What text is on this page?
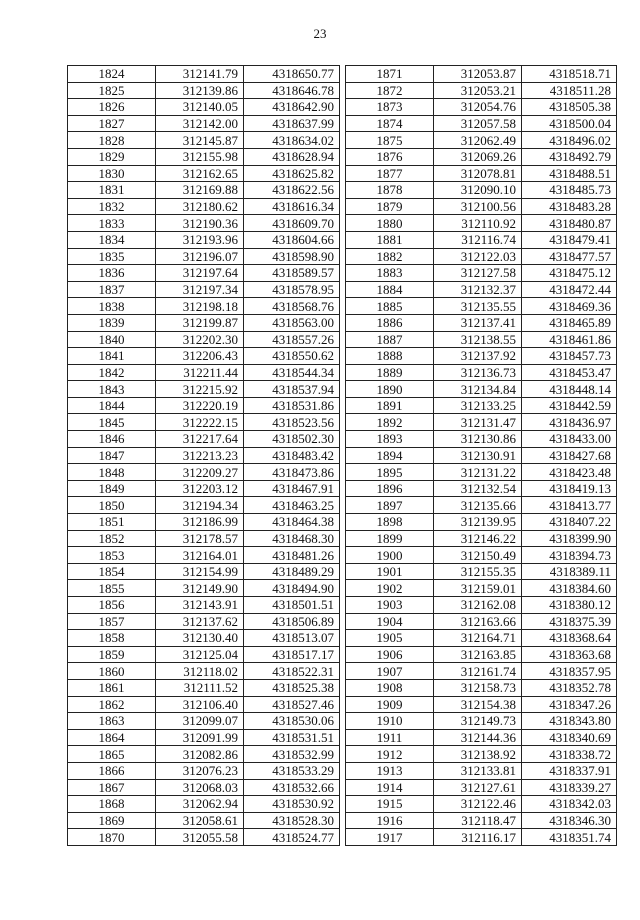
23
1824	312141.79	4318650.77
1825	312139.86	4318646.78
1826	312140.05	4318642.90
1827	312142.00	4318637.99
1828	312145.87	4318634.02
1829	312155.98	4318628.94
1830	312162.65	4318625.82
1831	312169.88	4318622.56
1832	312180.62	4318616.34
1833	312190.36	4318609.70
1834	312193.96	4318604.66
1835	312196.07	4318598.90
1836	312197.64	4318589.57
1837	312197.34	4318578.95
1838	312198.18	4318568.76
1839	312199.87	4318563.00
1840	312202.30	4318557.26
1841	312206.43	4318550.62
1842	312211.44	4318544.34
1843	312215.92	4318537.94
1844	312220.19	4318531.86
1845	312222.15	4318523.56
1846	312217.64	4318502.30
1847	312213.23	4318483.42
1848	312209.27	4318473.86
1849	312203.12	4318467.91
1850	312194.34	4318463.25
1851	312186.99	4318464.38
1852	312178.57	4318468.30
1853	312164.01	4318481.26
1854	312154.99	4318489.29
1855	312149.90	4318494.90
1856	312143.91	4318501.51
1857	312137.62	4318506.89
1858	312130.40	4318513.07
1859	312125.04	4318517.17
1860	312118.02	4318522.31
1861	312111.52	4318525.38
1862	312106.40	4318527.46
1863	312099.07	4318530.06
1864	312091.99	4318531.51
1865	312082.86	4318532.99
1866	312076.23	4318533.29
1867	312068.03	4318532.66
1868	312062.94	4318530.92
1869	312058.61	4318528.30
1870	312055.58	4318524.77
1871	312053.87	4318518.71
1872	312053.21	4318511.28
1873	312054.76	4318505.38
1874	312057.58	4318500.04
1875	312062.49	4318496.02
1876	312069.26	4318492.79
1877	312078.81	4318488.51
1878	312090.10	4318485.73
1879	312100.56	4318483.28
1880	312110.92	4318480.87
1881	312116.74	4318479.41
1882	312122.03	4318477.57
1883	312127.58	4318475.12
1884	312132.37	4318472.44
1885	312135.55	4318469.36
1886	312137.41	4318465.89
1887	312138.55	4318461.86
1888	312137.92	4318457.73
1889	312136.73	4318453.47
1890	312134.84	4318448.14
1891	312133.25	4318442.59
1892	312131.47	4318436.97
1893	312130.86	4318433.00
1894	312130.91	4318427.68
1895	312131.22	4318423.48
1896	312132.54	4318419.13
1897	312135.66	4318413.77
1898	312139.95	4318407.22
1899	312146.22	4318399.90
1900	312150.49	4318394.73
1901	312155.35	4318389.11
1902	312159.01	4318384.60
1903	312162.08	4318380.12
1904	312163.66	4318375.39
1905	312164.71	4318368.64
1906	312163.85	4318363.68
1907	312161.74	4318357.95
1908	312158.73	4318352.78
1909	312154.38	4318347.26
1910	312149.73	4318343.80
1911	312144.36	4318340.69
1912	312138.92	4318338.72
1913	312133.81	4318337.91
1914	312127.61	4318339.27
1915	312122.46	4318342.03
1916	312118.47	4318346.30
1917	312116.17	4318351.74
